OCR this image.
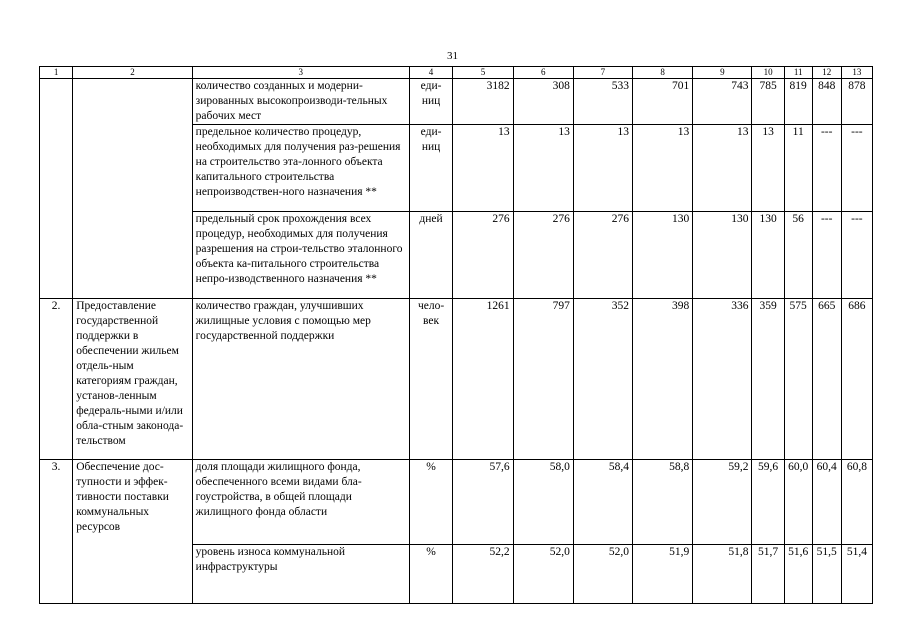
31
1	2	3	4	5	6	7	8	9	10	11	12	13
		количество созданных и модерни-зированных высокопроизводи-тельных рабочих мест	еди-ниц	3182	308	533	701	743	785	819	848	878
		предельное количество процедур, необходимых для получения раз-решения на строительство эта-лонного объекта капитального строительства непроизводствен-ного назначения **	еди-ниц	13	13	13	13	13	13	11	---	---
		предельный срок прохождения всех процедур, необходимых для получения разрешения на строи-тельство эталонного объекта ка-питального строительства непро-изводственного назначения **	дней	276	276	276	130	130	130	56	---	---
2.	Предоставление государственной поддержки в обеспечении жильем отдель-ным категориям граждан, установ-ленным федераль-ными и/или обла-стным законода-тельством	количество граждан, улучшивших жилищные условия с помощью мер государственной поддержки	чело-век	1261	797	352	398	336	359	575	665	686
3.	Обеспечение дос-тупности и эффек-тивности поставки коммунальных ресурсов	доля площади жилищного фонда, обеспеченного всеми видами бла-гоустройства, в общей площади жилищного фонда области	%	57,6	58,0	58,4	58,8	59,2	59,6	60,0	60,4	60,8
		уровень износа коммунальной инфраструктуры	%	52,2	52,0	52,0	51,9	51,8	51,7	51,6	51,5	51,4
